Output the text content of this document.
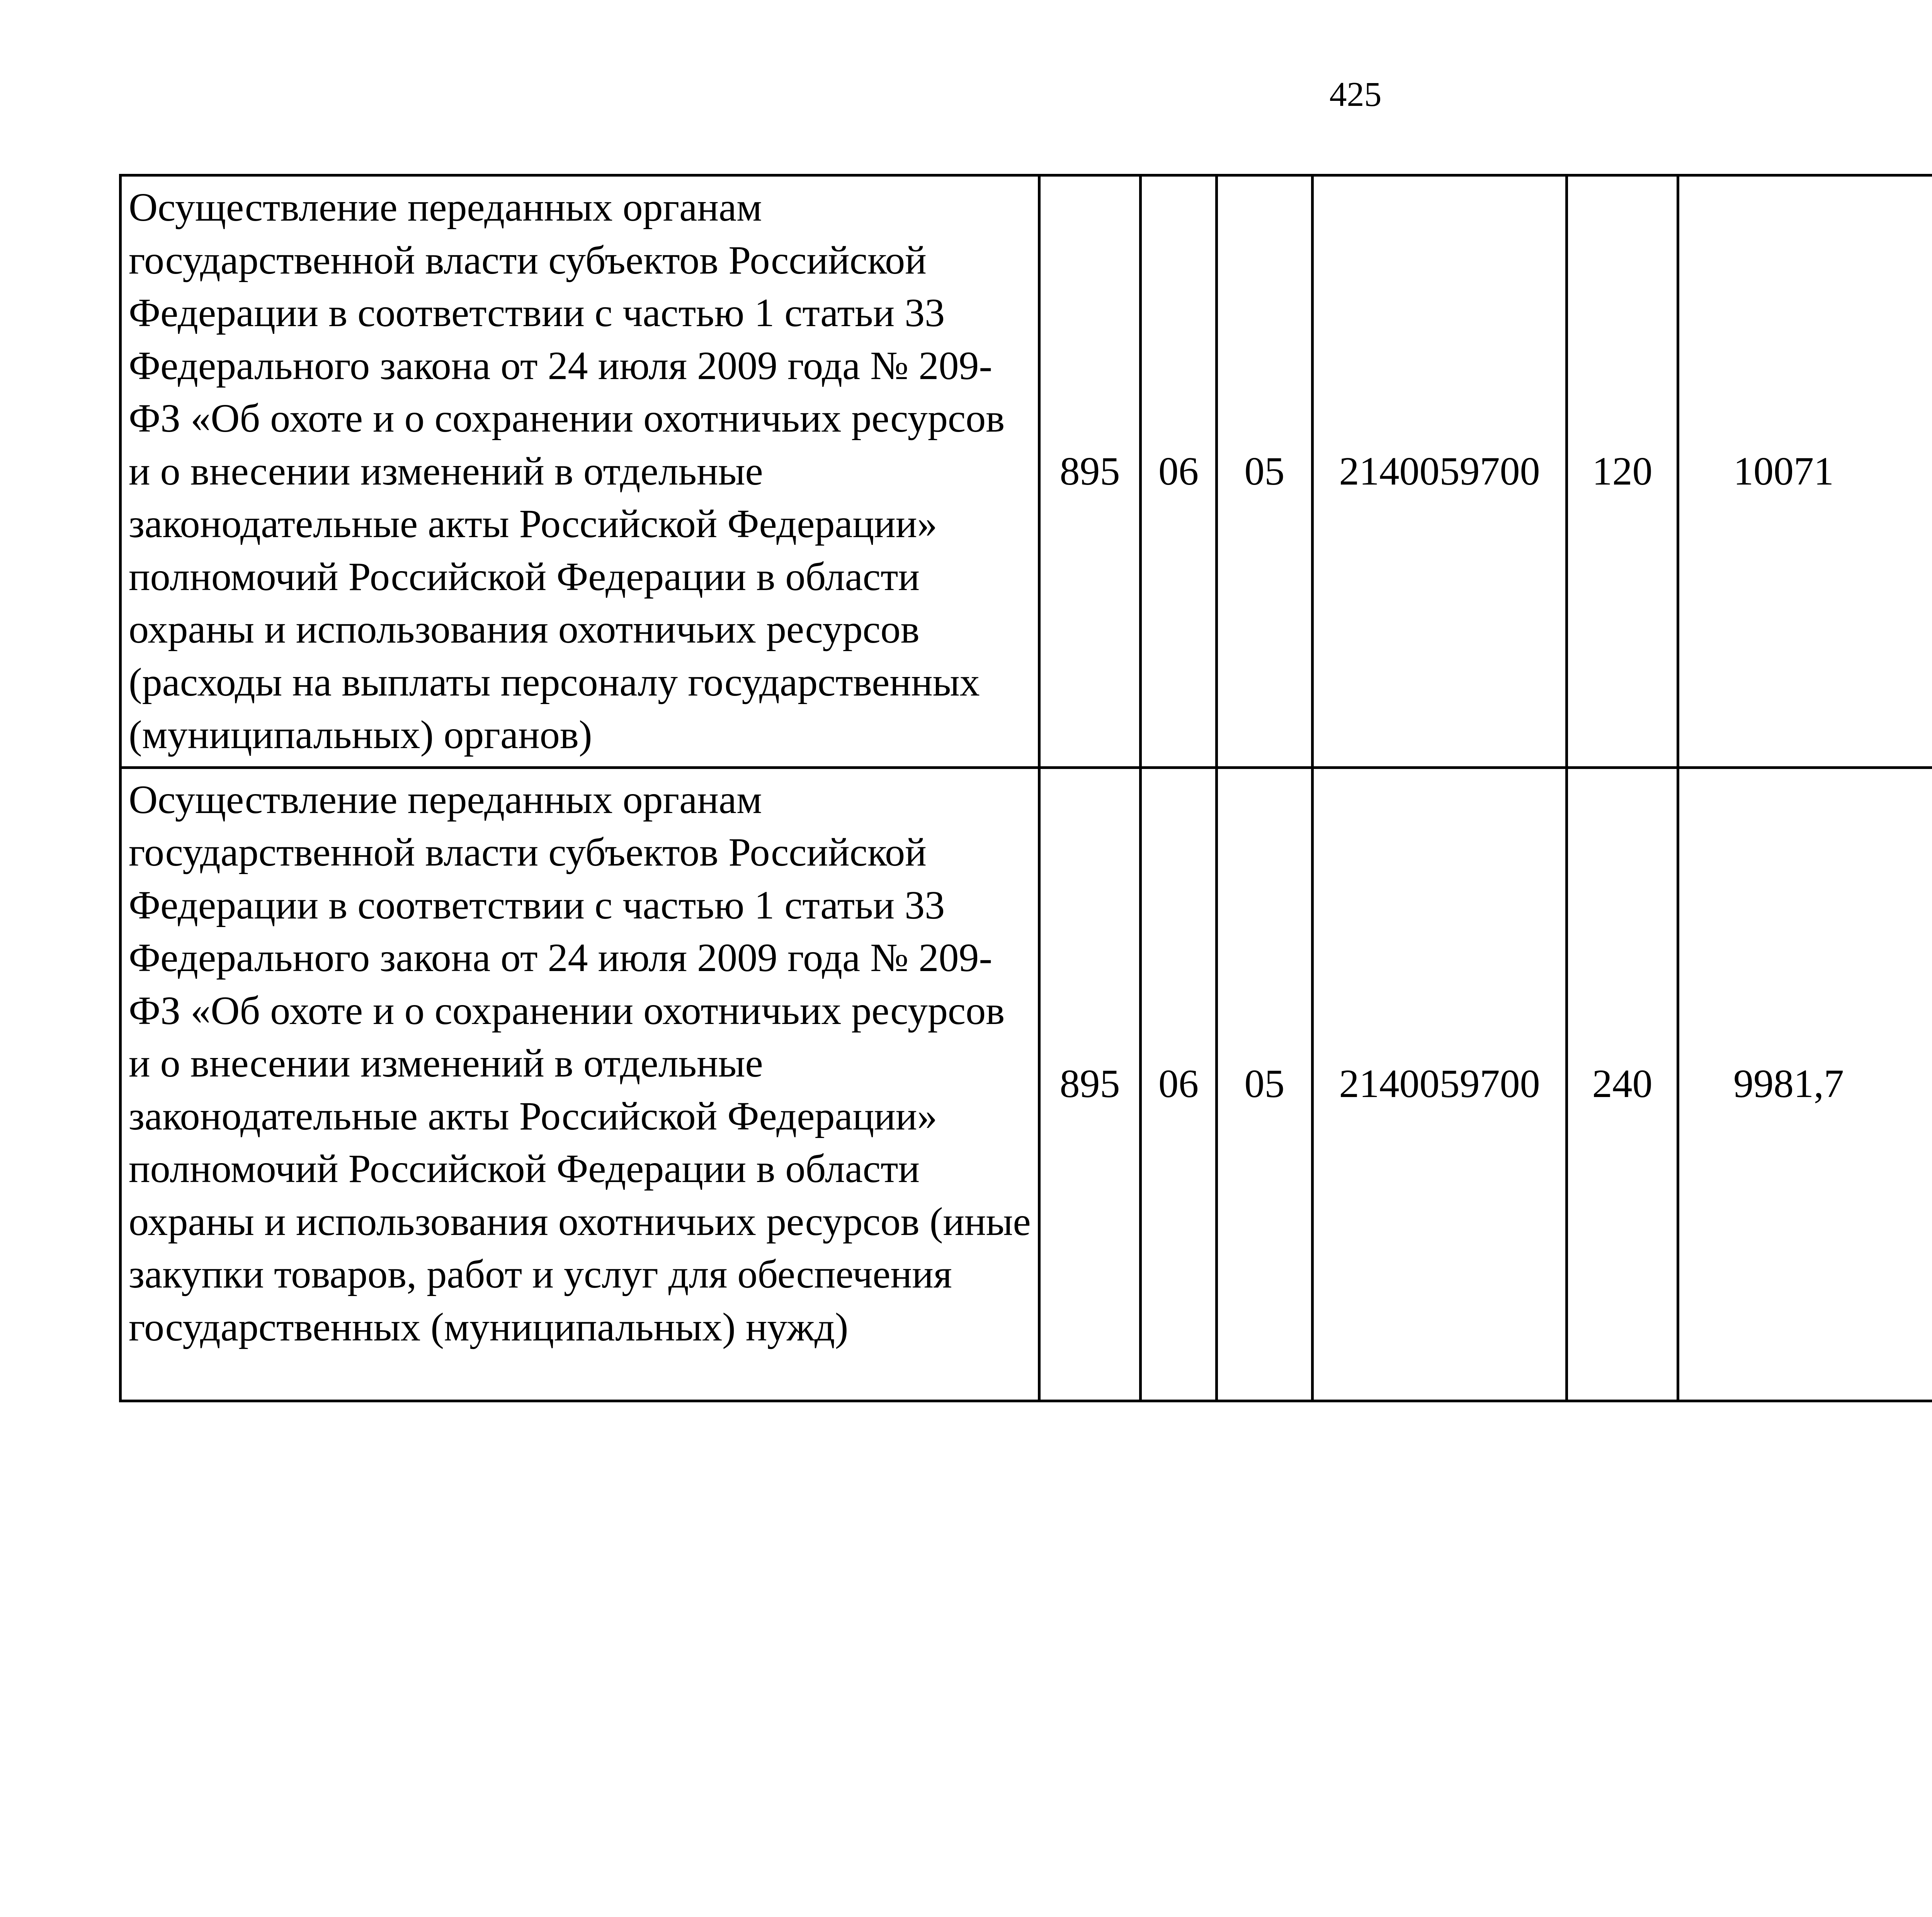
425
Осуществление переданных органам государственной власти субъектов Российской Федерации в соответствии с частью 1 статьи 33 Федерального закона от 24 июля 2009 года № 209-ФЗ «Об охоте и о сохранении охотничьих ресурсов и о внесении изменений в отдельные законодательные акты Российской Федерации» полномочий Российской Федерации в области охраны и использования охотничьих ресурсов (расходы на выплаты персоналу государственных (муниципальных) органов)	895	06	05	2140059700	120	10071		
Осуществление переданных органам государственной власти субъектов Российской Федерации в соответствии с частью 1 статьи 33 Федерального закона от 24 июля 2009 года № 209-ФЗ «Об охоте и о сохранении охотничьих ресурсов и о внесении изменений в отдельные законодательные акты Российской Федерации» полномочий Российской Федерации в области охраны и использования охотничьих ресурсов (иные закупки товаров, работ и услуг для обеспечения государственных (муниципальных) нужд)	895	06	05	2140059700	240	9981,7		
